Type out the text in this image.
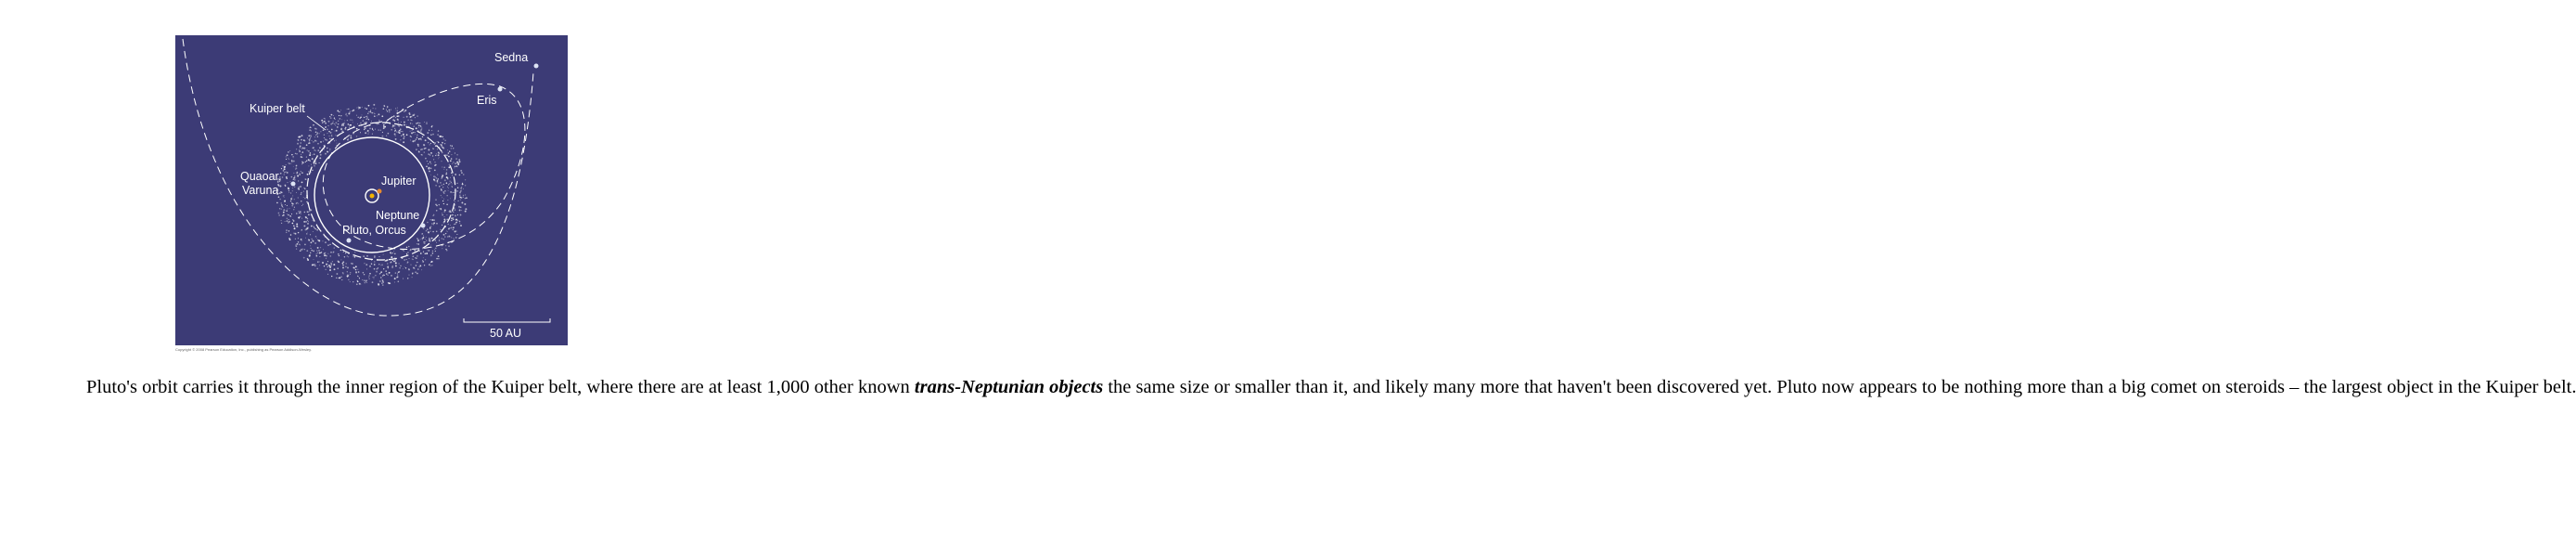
Sedna
Eris
Kuiper belt
Quaoar,
Varuna
Jupiter
Neptune
Pluto, Orcus
50 AU
Copyright © 2008 Pearson Education, Inc., publishing as Pearson Addison-Wesley.

Pluto's orbit carries it through the inner region of the Kuiper belt, where there are at least 1,000 other known trans-Neptunian objects the same size or smaller than it, and likely many more that haven't been discovered yet. Pluto now appears to be nothing more than a big comet on steroids – the largest object in the Kuiper belt.
